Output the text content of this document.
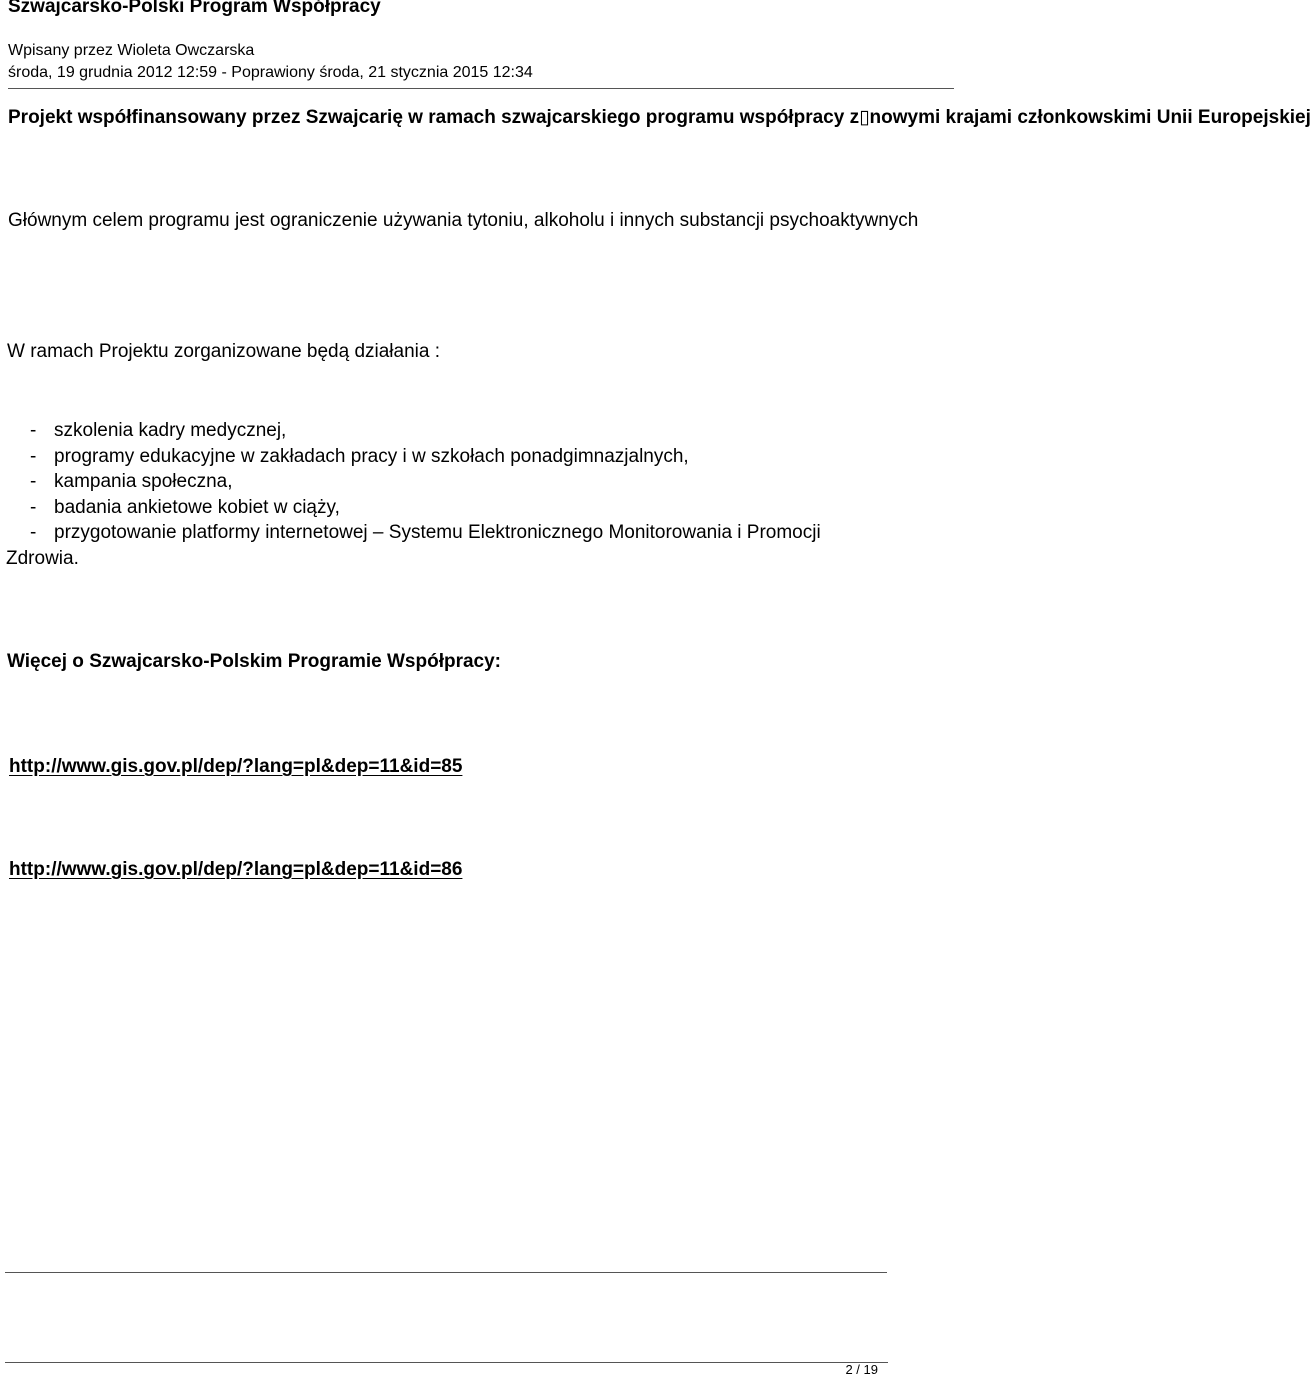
Szwajcarsko-Polski Program Współpracy
Wpisany przez Wioleta Owczarska
środa, 19 grudnia 2012 12:59 - Poprawiony środa, 21 stycznia 2015 12:34
Projekt współfinansowany przez Szwajcarię w ramach szwajcarskiego programu współpracy z▯nowymi krajami członkowskimi Unii Europejskiej
Głównym celem programu jest ograniczenie używania tytoniu, alkoholu i innych substancji psychoaktywnych
W ramach Projektu zorganizowane będą działania :
- szkolenia kadry medycznej,
- programy edukacyjne w zakładach pracy i w szkołach ponadgimnazjalnych,
- kampania społeczna,
- badania ankietowe kobiet w ciąży,
- przygotowanie platformy internetowej – Systemu Elektronicznego Monitorowania i Promocji Zdrowia.
Więcej o Szwajcarsko-Polskim Programie Współpracy:
http://www.gis.gov.pl/dep/?lang=pl&dep=11&id=85
http://www.gis.gov.pl/dep/?lang=pl&dep=11&id=86
2 / 19
